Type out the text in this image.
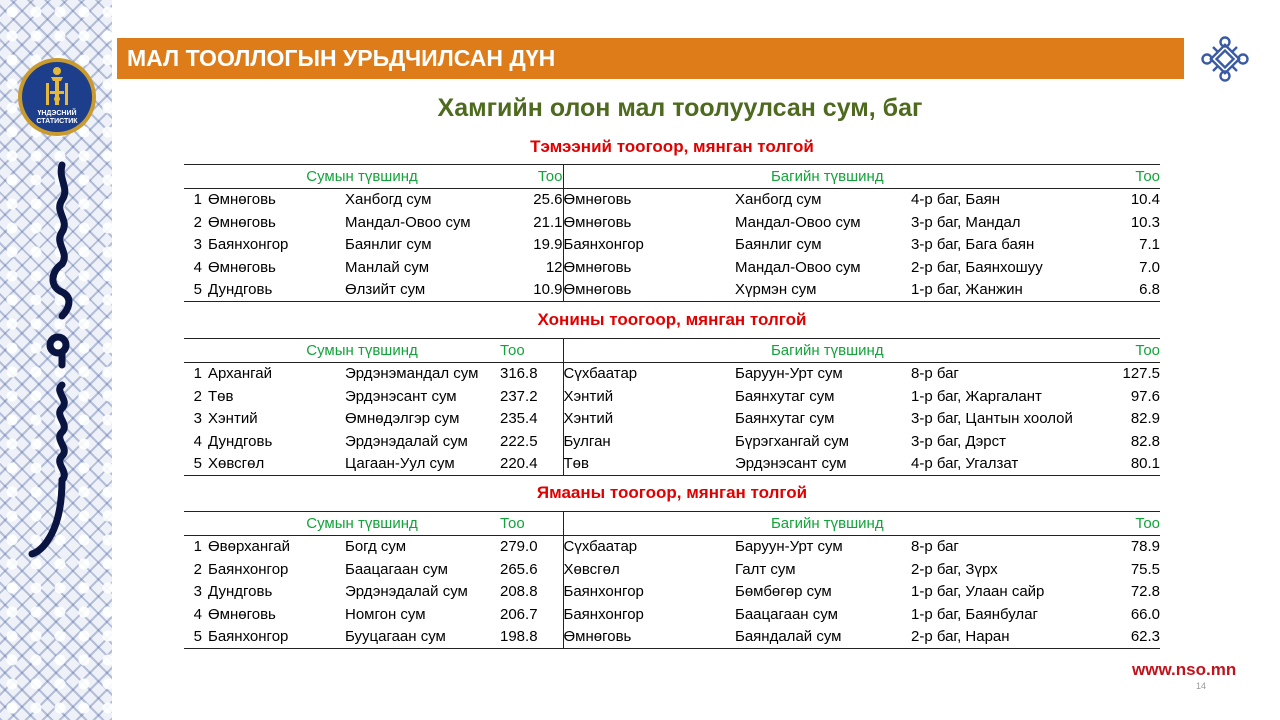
ҮНДЭСНИЙ
СТАТИСТИК
МАЛ ТООЛЛОГЫН УРЬДЧИЛСАН ДҮН
Хамгийн олон мал тоолуулсан сум, баг
Тэмээний тоогоор, мянган толгой
Сумын түвшинд			Тоо	Багийн түвшинд			Тоо
1	Өмнөговь	Ханбогд сум	25.6	Өмнөговь	Ханбогд сум	4-р баг, Баян	10.4
2	Өмнөговь	Мандал-Овоо сум	21.1	Өмнөговь	Мандал-Овоо сум	3-р баг, Мандал	10.3
3	Баянхонгор	Баянлиг сум	19.9	Баянхонгор	Баянлиг сум	3-р баг, Бага баян	7.1
4	Өмнөговь	Манлай сум	12	Өмнөговь	Мандал-Овоо сум	2-р баг, Баянхошуу	7.0
5	Дундговь	Өлзийт сум	10.9	Өмнөговь	Хүрмэн сум	1-р баг, Жанжин	6.8
Хонины тоогоор, мянган толгой
Сумын түвшинд			Тоо	Багийн түвшинд			Тоо
1	Архангай	Эрдэнэмандал сум	316.8	Сүхбаатар	Баруун-Урт сум	8-р баг	127.5
2	Төв	Эрдэнэсант сум	237.2	Хэнтий	Баянхутаг сум	1-р баг, Жаргалант	97.6
3	Хэнтий	Өмнөдэлгэр сум	235.4	Хэнтий	Баянхутаг сум	3-р баг, Цантын хоолой	82.9
4	Дундговь	Эрдэнэдалай сум	222.5	Булган	Бүрэгхангай сум	3-р баг, Дэрст	82.8
5	Хөвсгөл	Цагаан-Уул сум	220.4	Төв	Эрдэнэсант сум	4-р баг, Угалзат	80.1
Ямааны тоогоор, мянган толгой
Сумын түвшинд			Тоо	Багийн түвшинд			Тоо
1	Өвөрхангай	Богд сум	279.0	Сүхбаатар	Баруун-Урт сум	8-р баг	78.9
2	Баянхонгор	Баацагаан сум	265.6	Хөвсгөл	Галт сум	2-р баг, Зүрх	75.5
3	Дундговь	Эрдэнэдалай сум	208.8	Баянхонгор	Бөмбөгөр сум	1-р баг, Улаан сайр	72.8
4	Өмнөговь	Номгон сум	206.7	Баянхонгор	Баацагаан сум	1-р баг, Баянбулаг	66.0
5	Баянхонгор	Бууцагаан сум	198.8	Өмнөговь	Баяндалай сум	2-р баг, Наран	62.3
www.nso.mn
14
